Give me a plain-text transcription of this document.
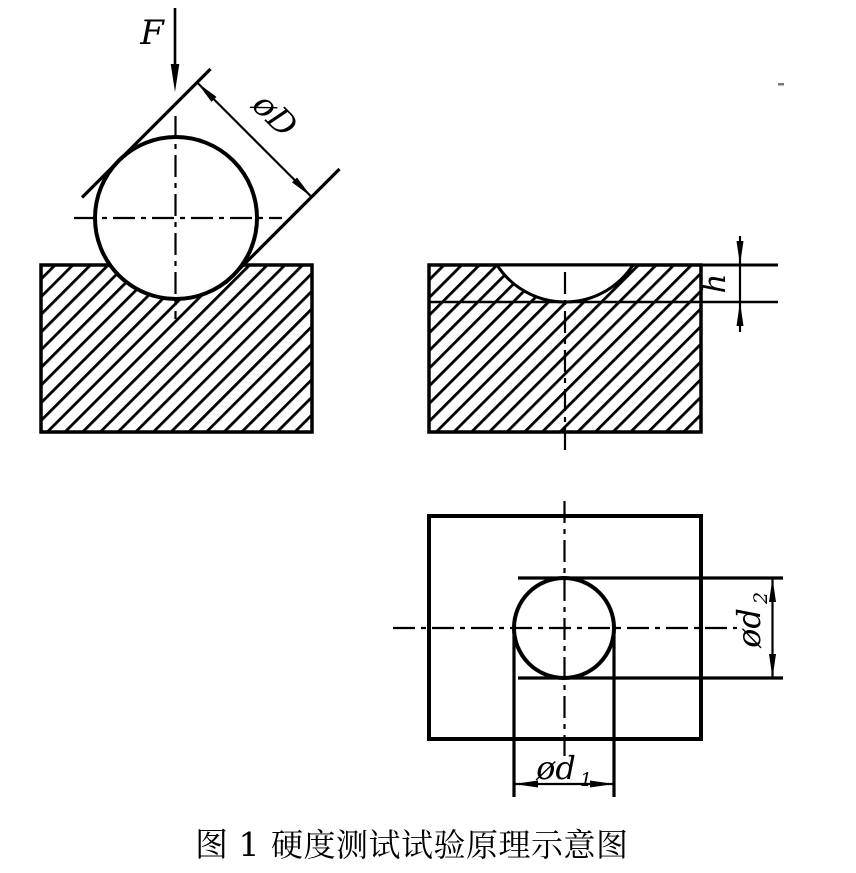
F
øD
h
ød
2
ød 1
图 1 硬度测试试验原理示意图
